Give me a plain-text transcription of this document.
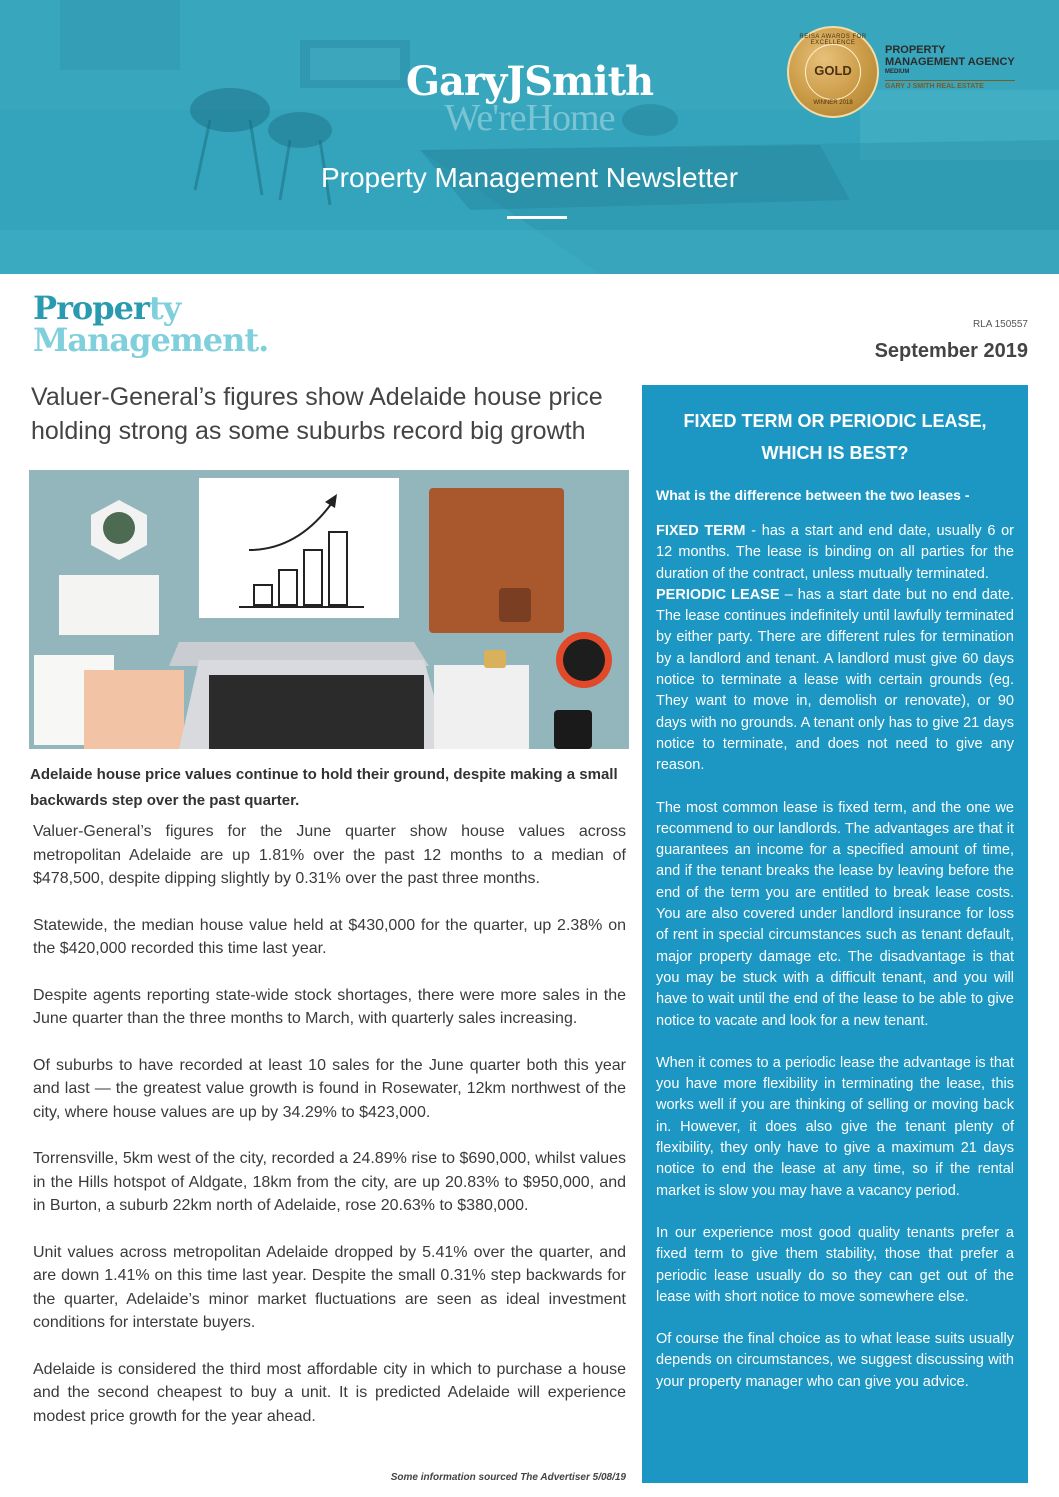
GaryJSmith
We'reHome
Property Management Newsletter
REISA AWARDS FOR EXCELLENCE
GOLD
WINNER 2018
PROPERTY
MANAGEMENT AGENCY
MEDIUM
GARY J SMITH REAL ESTATE
Property
Management.	RLA 150557
September 2019
Valuer-General’s figures show Adelaide house price holding strong as some suburbs record big growth
Adelaide house price values continue to hold their ground, despite making a small backwards step over the past quarter.

Valuer-General’s figures for the June quarter show house values across metropolitan Adelaide are up 1.81% over the past 12 months to a median of $478,500, despite dipping slightly by 0.31% over the past three months.

Statewide, the median house value held at $430,000 for the quarter, up 2.38% on the $420,000 recorded this time last year.

Despite agents reporting state-wide stock shortages, there were more sales in the June quarter than the three months to March, with quarterly sales increasing.

Of suburbs to have recorded at least 10 sales for the June quarter both this year and last — the greatest value growth is found in Rosewater, 12km northwest of the city, where house values are up by 34.29% to $423,000.

Torrensville, 5km west of the city, recorded a 24.89% rise to $690,000, whilst values in the Hills hotspot of Aldgate, 18km from the city, are up 20.83% to $950,000, and in Burton, a suburb 22km north of Adelaide, rose 20.63% to $380,000.

Unit values across metropolitan Adelaide dropped by 5.41% over the quarter, and are down 1.41% on this time last year. Despite the small 0.31% step backwards for the quarter, Adelaide’s minor market fluctuations are seen as ideal investment conditions for interstate buyers.

Adelaide is considered the third most affordable city in which to purchase a house and the second cheapest to buy a unit. It is predicted Adelaide will experience modest price growth for the year ahead.

Some information sourced The Advertiser 5/08/19
FIXED TERM OR PERIODIC LEASE, WHICH IS BEST?
What is the difference between the two leases -

FIXED TERM - has a start and end date, usually 6 or 12 months. The lease is binding on all parties for the duration of the contract, unless mutually terminated.

PERIODIC LEASE – has a start date but no end date. The lease continues indefinitely until lawfully terminated by either party. There are different rules for termination by a landlord and tenant. A landlord must give 60 days notice to terminate a lease with certain grounds (eg. They want to move in, demolish or renovate), or 90 days with no grounds. A tenant only has to give 21 days notice to terminate, and does not need to give any reason.

The most common lease is fixed term, and the one we recommend to our landlords. The advantages are that it guarantees an income for a specified amount of time, and if the tenant breaks the lease by leaving before the end of the term you are entitled to break lease costs. You are also covered under landlord insurance for loss of rent in special circumstances such as tenant default, major property damage etc. The disadvantage is that you may be stuck with a difficult tenant, and you will have to wait until the end of the lease to be able to give notice to vacate and look for a new tenant.

When it comes to a periodic lease the advantage is that you have more flexibility in terminating the lease, this works well if you are thinking of selling or moving back in. However, it does also give the tenant plenty of flexibility, they only have to give a maximum 21 days notice to end the lease at any time, so if the rental market is slow you may have a vacancy period.

In our experience most good quality tenants prefer a fixed term to give them stability, those that prefer a periodic lease usually do so they can get out of the lease with short notice to move somewhere else.

Of course the final choice as to what lease suits usually depends on circumstances, we suggest discussing with your property manager who can give you advice.
